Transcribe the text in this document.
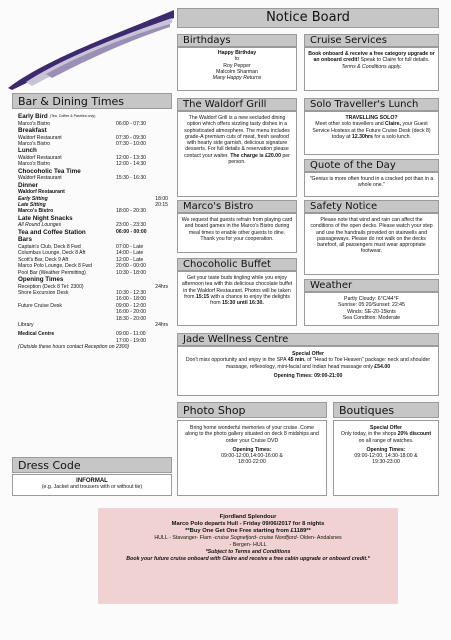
Notice Board
Birthdays
Happy Birthday
to
Roy Pepper
Malcolm Sharman
Many Happy Returns
Cruise Services
Book onboard & receive a free category upgrade or an onboard credit! Speak to Claire for full details.
Terms & Conditions apply.
The Waldorf Grill
The Waldorf Grill is a new secluded dining option which offers sizzling tasty dishes in a sophisticated atmosphere. The menu includes grade-A premium cuts of meat, fresh seafood with hearty side garnish, delicious signature desserts. For full details & reservation please contact your waiter. The charge is £20.00 per person.
Solo Traveller's Lunch
TRAVELLING SOLO?
Meet other solo travellers and Claire, your Guest Service Hostess at the Future Cruise Desk (deck 8) today at 12.30hrs for a solo lunch.
Quote of the Day
"Genius is more often found in a cracked pot than in a whole one."
Marco's Bistro
We request that guests refrain from playing card and board games in the Marco's Bistro during meal times to enable other guests to dine. Thank you for your cooperation.
Safety Notice
Please note that wind and rain can affect the conditions of the open decks. Please watch your step and use the handrails provided on stairwells and passageways. Please do not walk on the decks barefoot, all passengers must wear appropriate footwear.
Chocoholic Buffet
Get your taste buds tingling while you enjoy afternoon tea with this delicious chocolate buffet in the Waldorf Restaurant. Photos will be taken from 15:15 with a chance to enjoy the delights from 15:30 until 16:30.
Weather
Partly Cloudy: 6°C/44°F
Sunrise: 05:20/Sunset: 22:45
Winds: SE-20-15knts
Sea Condition: Moderate
Bar & Dining Times
Early Bird (Tea, Coffee & Pastries only)
Marco's Bistro	06:00 - 07:30
Breakfast
Waldorf Restaurant	07:30 - 09:30
Marco's Bistro	07:30 - 10:00
Lunch
Waldorf Restaurant	12:00 - 13:30
Marco's Bistro	12:00 - 14:30
Chocoholic Tea Time
Waldorf Restaurant	15:30 - 16:30
Dinner
Waldorf Restaurant
Early Sitting	18:00
Late Sitting	20:15
Marco's Bistro	18:00 - 20:30
Late Night Snacks
All Round Lounges	23:00 - 23:30
Tea and Coffee Station	06:00 - 00:00
Bars
Captain's Club, Deck 8 Fwd	07:00 - Late
Columbus Lounge, Deck 8 Aft	14:00 - Late
Scott's Bar, Deck 9 Aft	12:00 - Late
Marco Polo Lounge, Deck 8 Fwd	20:00 - 00:00
Pool Bar (Weather Permitting)	10:30 - 18:00
Opening Times
Reception (Deck 8 Tel: 2300)	24hrs
Shore Excursion Desk	10:30 - 12:30
16:00 - 18:00
Future Cruise Desk	09:00 - 12:00
16:00 - 20:00
18:30 - 20:00
Library	24hrs
Medical Centre	09:00 - 11:00
17:00 - 19:00
(Outside these hours contact Reception on 2300)
Jade Wellness Centre
Special Offer
Don't miss opportunity and enjoy in the SPA 45 min. of "Head to Toe Heaven" package: neck and shoulder massage, reflexology, mini-facial and Indian head massage only £54.00
Opening Times: 09:00-21:00
Dress Code
INFORMAL
(e.g. Jacket and trousers with or without tie)
Photo Shop
Bring home wonderful memories of your cruise. Come along to the photo gallery situated on deck 8 midships and order your Cruise DVD
Opening Times:
09:00-12:00,14:00-16:00 &
18:00-22:00
Boutiques
Special Offer
Only today, in the shops 20% discount on all range of watches.
Opening Times:
09:00-12:00, 14:30-18:00 &
19:30-23:00
Fjordland Splendour
Marco Polo departs Hull - Friday 09/06/2017 for 8 nights
**Buy One Get One Free starting from £1189**
HULL - Stavanger- Flam -cruise Sognefjord- cruise Nordfjord- Olden- Andalsnes
- Bergen- HULL
*Subject to Terms and Conditions
Book your future cruise onboard with Claire and receive a free cabin upgrade or onboard credit.*
